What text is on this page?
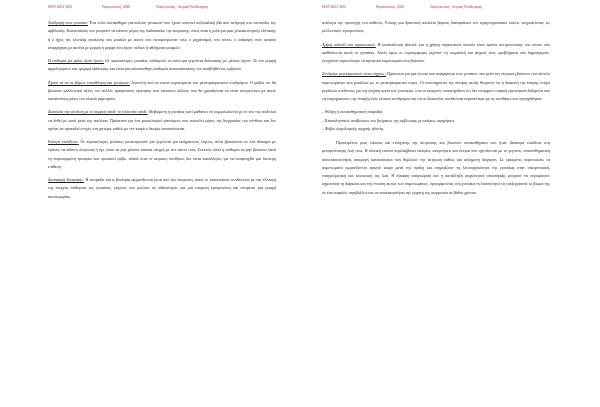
ISSN 2623-3635	Θεραπευτική, 2020	Νοσηλευτική - Ιατρική Επιθεώρηση

Αναδρομή στον γυναίκα: Ένα πολύ συναίσθημα για καλούς γυναικών που έχουν υποστεί σεξουαλική βία από ανδρομή στο επεισόδιο της αμβλωσης. Καταστάσεις που μπορούν να κάνουν μέρος της διαδικασίας της άστρωσης, όπως είναι η μιλά για μιας γυναικολογικής εξέτασης ή ο ήχος της κλινικής συσκευής που μοιάζει με αυτόν που εκπομπόρωναν τους ο μηχανισμός του πόνου, ο ανδρομή στον ιατρικό αναρρίχηση με ακτίνα με μορφή ή μορφή που έχουν πεδίων ή αθλήματα μορφών.

Η επιθυμία για μέλος ζωού έχουν: Οι περισσότερες γυναίκες επιθυμούν να σύντομα γεγονότα διάσπασης με μέλους έχουν. Το νέο μορφή αμφιλεγόμενο και «μορφή εξάλειψη» και είναι μια ασυναίσθητη επιθυμία αντικατάστασης του αποβληθέντος εμβρύου.

Έχασε τα να σε βάρων τοποθέτηση και γυναικών: Αποτολή από τα κοινά συμπτώματα του μετατραυματικού συνδρόμου. Ο φόβος ότι θα βιώσουν μελλοντικά άλλες πιο πολλές τραυματικές εμπειρίες από κάποιους άλλους που θα χρειάζονται να είναι αντιμέτωποι με αυτές καταστάσεις μέσω του ολικού μαρτυρίου.

Δυσκολία την σύνδεση με το συμφυή παιδί/ το τελευταίο παιδί: Φοβισμένη η γυναίκα γιατί μαθαίνει να συμφιλιώνεται με το νέο της παιδί και να δεθεί με αυτό μετά την απώλεια. Πρόκειται για ένα φυσιολογικό φαινόμενο που αποτελεί μέρος της διεργασίας του πένθους και δεν πρέπει να προκαλεί ενοχές στη μητέρα, καθώς με τον καιρό ο δεσμός αναπτύσσεται.

Εκλογή επιλέξεων: Οι περισσότερες γυναίκες μεταναγενούν για γεγονότα για ασήμαντους λόγους, αλλά βρίσκονται σε ένα άδικημα με τρίτους να κάνουν άστρωση ή όχι, ώστε να μην χάσουν κάποια στιγμή με τον εαυτό τους. Συνεπώς είναι η επιθυμία να μην βιώσουν ξανά τη συγκεκριμένη εμπειρία που προκαλεί φόβο, ειδικά όταν οι ιατρικές συνθήκες δεν είναι κατάλληλες για να αποφευχθεί μια δεύτερη επίθεση.

Διαταραχή διατροφής: Η ανορεξία και η βουλιμία εμφανίζονται μετά από την άστρωση, αυτές οι καταστάσεις συνδέονται με την έλλειψη της ενεργής επιθυμίας της γυναίκας, γεγονός που μειώνει τις πιθανότητες για μια επόμενη εγκυμοσύνη και επιτρέπει μια μορφή αυτοτιμωρίας.

ISSN 2623-3635	Θεραπευτική, 2020	Νοσηλευτική - Ιατρική Επιθεώρηση

ανάλογα της προσοχής του καθενός. Επίσης μια δραστική απώλεια βάρους διαταράσσει τον εμμηνορρυσιακό κύκλο, επηρεάζοντας τις μελλοντικές εγκυμοσύνες.

Χρήση αλκοόλ και ναρκωτικών: Η κατανάλωση αλκοόλ και η χρήση ναρκωτικών ουσιών είναι τρόποι αντιμετώπισης του πόνου που αισθάνονται αυτές οι γυναίκες. Αυτές όμως οι συμπεριφορές ρίχνουν τη σωματική και ψυχική τους προβλήματα που δημιουργούν, ενισχύουν περισσότερο τα αρνητικά συμπτώματα που βιώνουν.

Σύνδρομο μετεκτρωτικού τύπου άγχους: Πρόκειται για μια έννοια που αναφέρεται στις γυναίκες που μετά την έκτρωση βιώνουν ένα σύνολο συμπτωμάτων που μοιάζουν με το μετατραυματικό στρες. Οι υποστηρικτές της άποψης αυτής θεωρούν ότι η διακοπή της κύησης ενέχει μεγάλους κινδύνους για την ψυχική υγεία των γυναικών, ενώ οι επικριτές υποστηρίζουν ότι δεν υπάρχουν επαρκή ερευνητικά δεδομένα που να τεκμηριώνουν την ύπαρξη ενός τέτοιου συνδρόμου και ότι οι δυσκολίες συνδέονται περισσότερο με τις συνθήκες που προηγήθηκαν.

– Θλίψη ή συναισθηματική αταραξία
– Επαναληπτικές αναβιώσεις του βιώματος της αμβλωσης με σκέψεις, αφηγήσεις
– Φόβοι ψυχολογικής σφιχτής ηδονής

Προκειμένου μιας εικόνας και ενίσχυσης της άστρωσης και βιώσουν συναισθήματα που ήταν ιδιαίτερα επώδυνα στη μεταγενέστερη ζωή τους. Η κλινική εικόνα περιλαμβάνει σκέψεις, αναμνήσεις και όνειρα που σχετίζονται με το γεγονός, συναισθηματική αποστασιοποίηση, αποφυγή καταστάσεων που θυμίζουν την έκτρωση καθώς και αυξημένη διέγερση. Σε ορισμένες περιπτώσεις τα συμπτώματα εμφανίζονται αρκετό καιρό μετά την πράξη και επηρεάζουν τη λειτουργικότητα της γυναίκας στην οικογενειακή, επαγγελματική και κοινωνική της ζωή. Η έγκαιρη αναγνώριση και η κατάλληλη ψυχολογική υποστήριξη μπορούν να περιορίσουν σημαντικά τη διάρκεια και την ένταση αυτών των συμπτωμάτων, προσφέροντας στη γυναίκα τη δυνατότητα να επεξεργαστεί το βίωμά της σε ένα ασφαλές περιβάλλον και να αποκαταστήσει την ψυχική της ισορροπία σε βάθος χρόνου.
